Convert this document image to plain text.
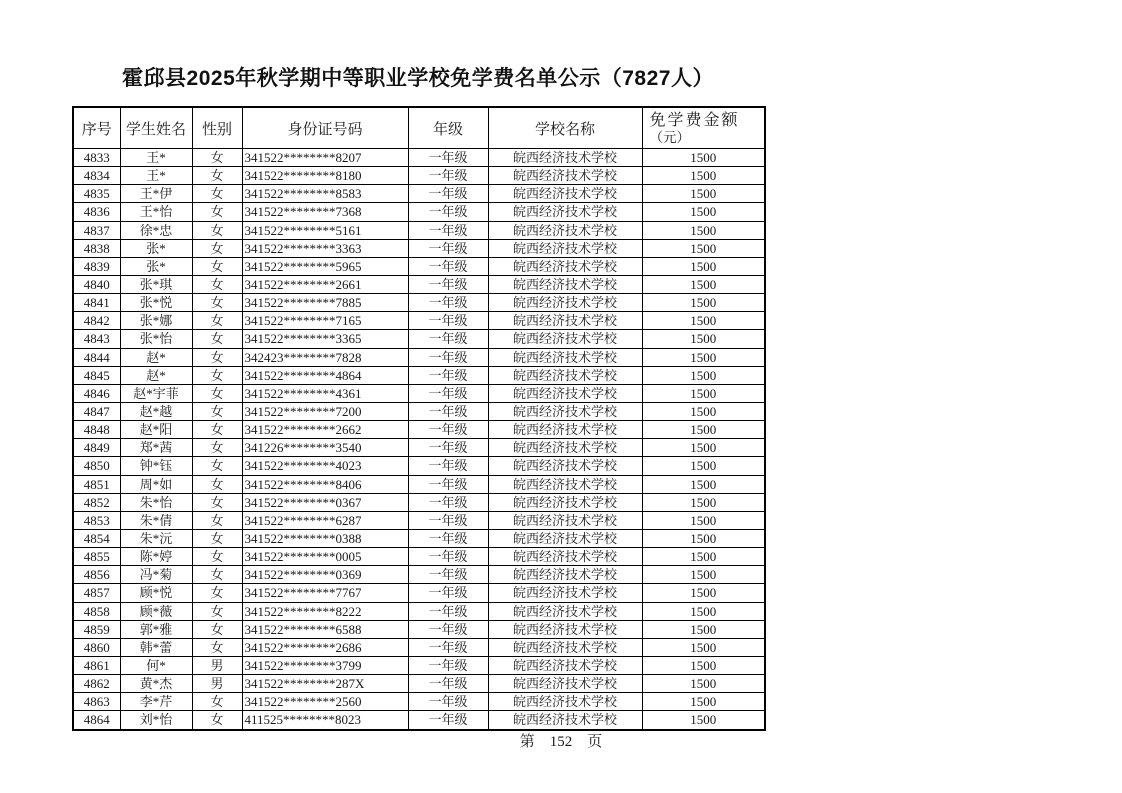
霍邱县2025年秋学期中等职业学校免学费名单公示（7827人）
序号	学生姓名	性别	身份证号码	年级	学校名称	免学费金额
（元）

4833	王*	女	341522********8207	一年级	皖西经济技术学校	1500
4834	王*	女	341522********8180	一年级	皖西经济技术学校	1500
4835	王*伊	女	341522********8583	一年级	皖西经济技术学校	1500
4836	王*怡	女	341522********7368	一年级	皖西经济技术学校	1500
4837	徐*忠	女	341522********5161	一年级	皖西经济技术学校	1500
4838	张*	女	341522********3363	一年级	皖西经济技术学校	1500
4839	张*	女	341522********5965	一年级	皖西经济技术学校	1500
4840	张*琪	女	341522********2661	一年级	皖西经济技术学校	1500
4841	张*悦	女	341522********7885	一年级	皖西经济技术学校	1500
4842	张*娜	女	341522********7165	一年级	皖西经济技术学校	1500
4843	张*怡	女	341522********3365	一年级	皖西经济技术学校	1500
4844	赵*	女	342423********7828	一年级	皖西经济技术学校	1500
4845	赵*	女	341522********4864	一年级	皖西经济技术学校	1500
4846	赵*宇菲	女	341522********4361	一年级	皖西经济技术学校	1500
4847	赵*越	女	341522********7200	一年级	皖西经济技术学校	1500
4848	赵*阳	女	341522********2662	一年级	皖西经济技术学校	1500
4849	郑*茜	女	341226********3540	一年级	皖西经济技术学校	1500
4850	钟*钰	女	341522********4023	一年级	皖西经济技术学校	1500
4851	周*如	女	341522********8406	一年级	皖西经济技术学校	1500
4852	朱*怡	女	341522********0367	一年级	皖西经济技术学校	1500
4853	朱*倩	女	341522********6287	一年级	皖西经济技术学校	1500
4854	朱*沅	女	341522********0388	一年级	皖西经济技术学校	1500
4855	陈*婷	女	341522********0005	一年级	皖西经济技术学校	1500
4856	冯*菊	女	341522********0369	一年级	皖西经济技术学校	1500
4857	顾*悦	女	341522********7767	一年级	皖西经济技术学校	1500
4858	顾*薇	女	341522********8222	一年级	皖西经济技术学校	1500
4859	郭*雅	女	341522********6588	一年级	皖西经济技术学校	1500
4860	韩*蕾	女	341522********2686	一年级	皖西经济技术学校	1500
4861	何*	男	341522********3799	一年级	皖西经济技术学校	1500
4862	黄*杰	男	341522********287X	一年级	皖西经济技术学校	1500
4863	李*芹	女	341522********2560	一年级	皖西经济技术学校	1500
4864	刘*怡	女	411525********8023	一年级	皖西经济技术学校	1500
第　152　页
